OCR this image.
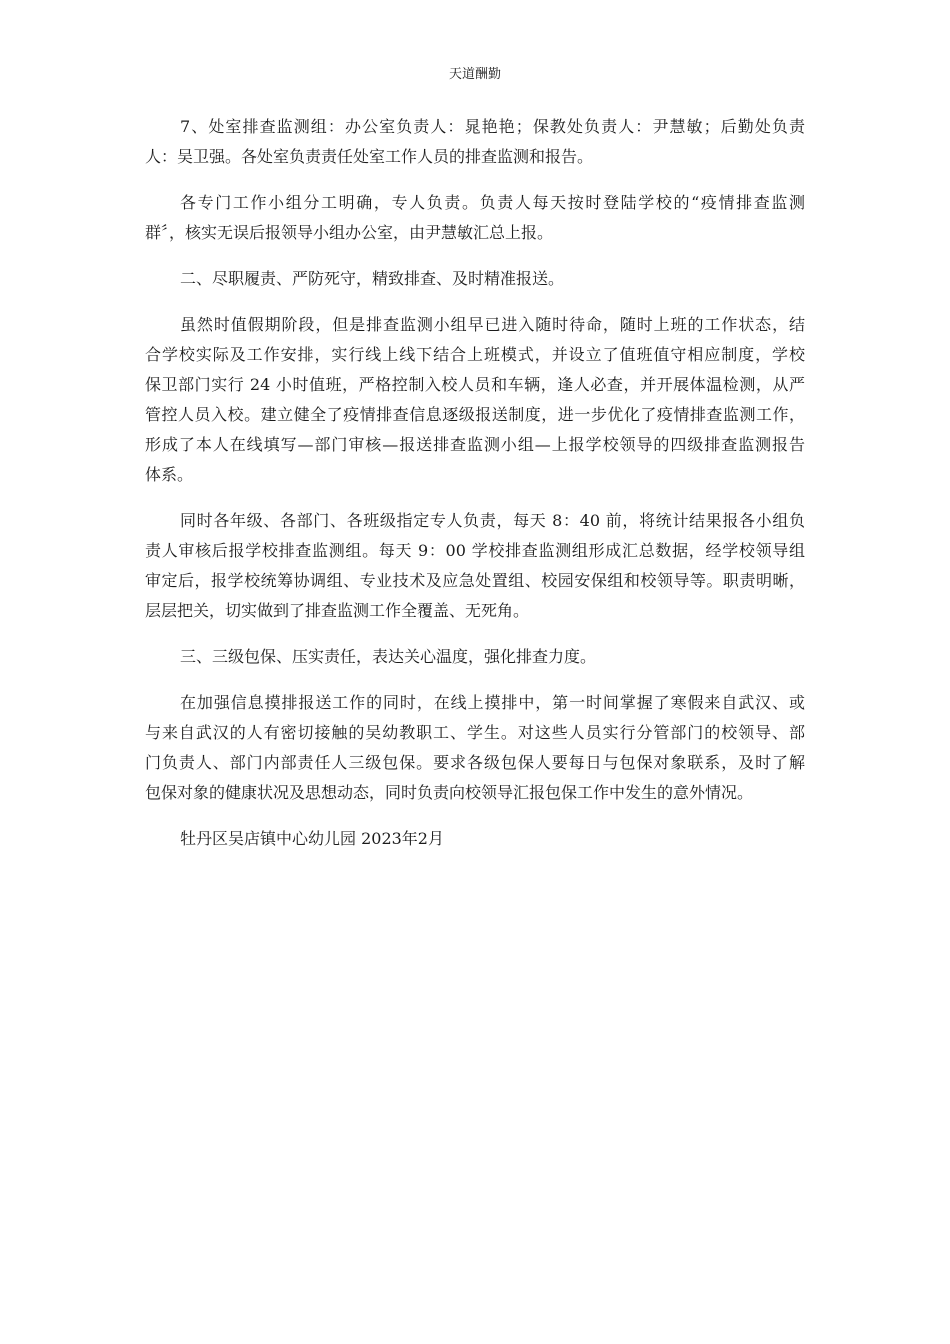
天道酬勤
7、处室排查监测组：办公室负责人：晁艳艳；保教处负责人：尹慧敏；后勤处负责
人：吴卫强。各处室负责责任处室工作人员的排查监测和报告。
各专门工作小组分工明确，专人负责。负责人每天按时登陆学校的“疫情排查监测
群〞，核实无误后报领导小组办公室，由尹慧敏汇总上报。
二、尽职履责、严防死守，精致排查、及时精准报送。
虽然时值假期阶段，但是排查监测小组早已进入随时待命，随时上班的工作状态，结
合学校实际及工作安排，实行线上线下结合上班模式，并设立了值班值守相应制度，学校
保卫部门实行 24 小时值班，严格控制入校人员和车辆，逢人必查，并开展体温检测，从严
管控人员入校。建立健全了疫情排查信息逐级报送制度，进一步优化了疫情排查监测工作，
形成了本人在线填写—部门审核—报送排查监测小组—上报学校领导的四级排查监测报告
体系。
同时各年级、各部门、各班级指定专人负责，每天 8：40 前，将统计结果报各小组负
责人审核后报学校排查监测组。每天 9：00 学校排查监测组形成汇总数据，经学校领导组
审定后，报学校统筹协调组、专业技术及应急处置组、校园安保组和校领导等。职责明晰，
层层把关，切实做到了排查监测工作全覆盖、无死角。
三、三级包保、压实责任，表达关心温度，强化排查力度。
在加强信息摸排报送工作的同时，在线上摸排中，第一时间掌握了寒假来自武汉、或
与来自武汉的人有密切接触的吴幼教职工、学生。对这些人员实行分管部门的校领导、部
门负责人、部门内部责任人三级包保。要求各级包保人要每日与包保对象联系，及时了解
包保对象的健康状况及思想动态，同时负责向校领导汇报包保工作中发生的意外情况。
牡丹区吴店镇中心幼儿园 2023年2月
